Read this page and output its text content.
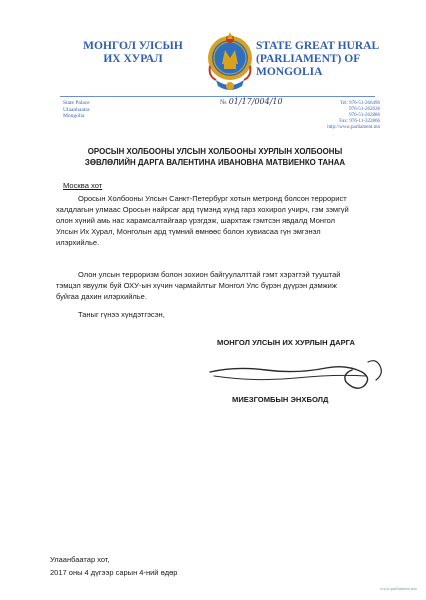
МОНГОЛ УЛСЫН
ИХ ХУРАЛ
STATE GREAT HURAL
(PARLIAMENT) OF
MONGOLIA
State Palace
Ulaanbaatar
Mongolia
№ 01/17/004/10	Tel: 976-51-266496
976-51-262636
976-51-262886
Fax: 976-11-322866
http://www.parliament.mn
ОРОСЫН ХОЛБООНЫ УЛСЫН ХОЛБООНЫ ХУРЛЫН ХОЛБООНЫ
ЗӨВЛӨЛИЙН ДАРГА ВАЛЕНТИНА ИВАНОВНА МАТВИЕНКО ТАНАА
Москва хот
Оросын Холбооны Улсын Санкт-Петербург хотын метронд болсон террорист
халдлагын улмаас Оросын найрсаг ард түмэнд хүнд гарз хохирол учирч, гэм зэмгүй
олон хүний амь нас харамсалтайгаар үрэгдэж, шархтаж гэмтсэн явдалд Монгол
Улсын Их Хурал, Монголын ард түмний өмнөөс болон хувиасаа гүн эмгэнэл
илэрхийлье.
Олон улсын терроризм болон зохион байгуулалттай гэмт хэрэгтэй тууштай
тэмцэл явуулж буй ОХУ-ын хүчин чармайлтыг Монгол Улс бүрэн дүүрэн дэмжиж
буйгаа дахин илэрхийлье.
Таныг гүнээ хүндэтгэсэн,
МОНГОЛ УЛСЫН ИХ ХУРЛЫН ДАРГА
МИЕЗГОМБЫН ЭНХБОЛД
Улаанбаатар хот,
2017 оны 4 дүгээр сарын 4-ний өдөр
www.parliament.mn
